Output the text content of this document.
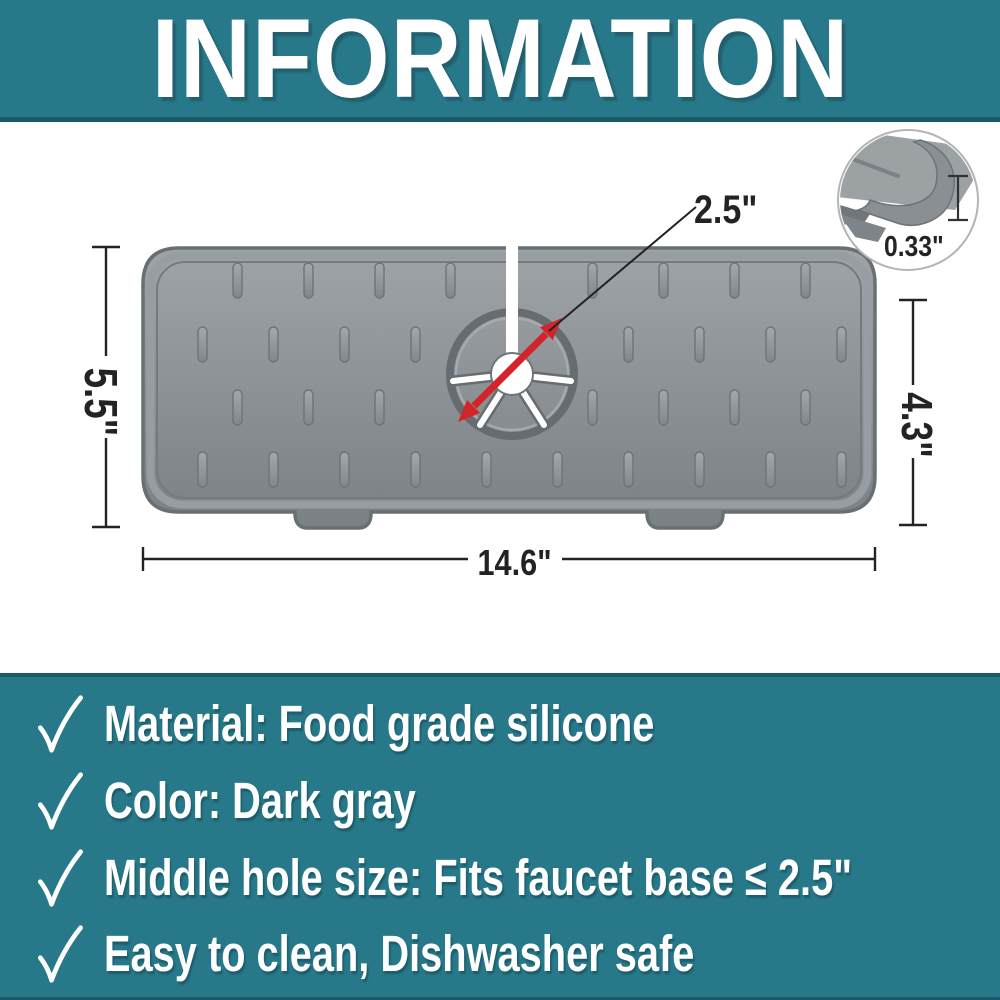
INFORMATION
2.5"
0.33"
5.5"	4.3"
14.6"
Material: Food grade silicone
Color: Dark gray
Middle hole size: Fits faucet base ≤ 2.5"
Easy to clean, Dishwasher safe
